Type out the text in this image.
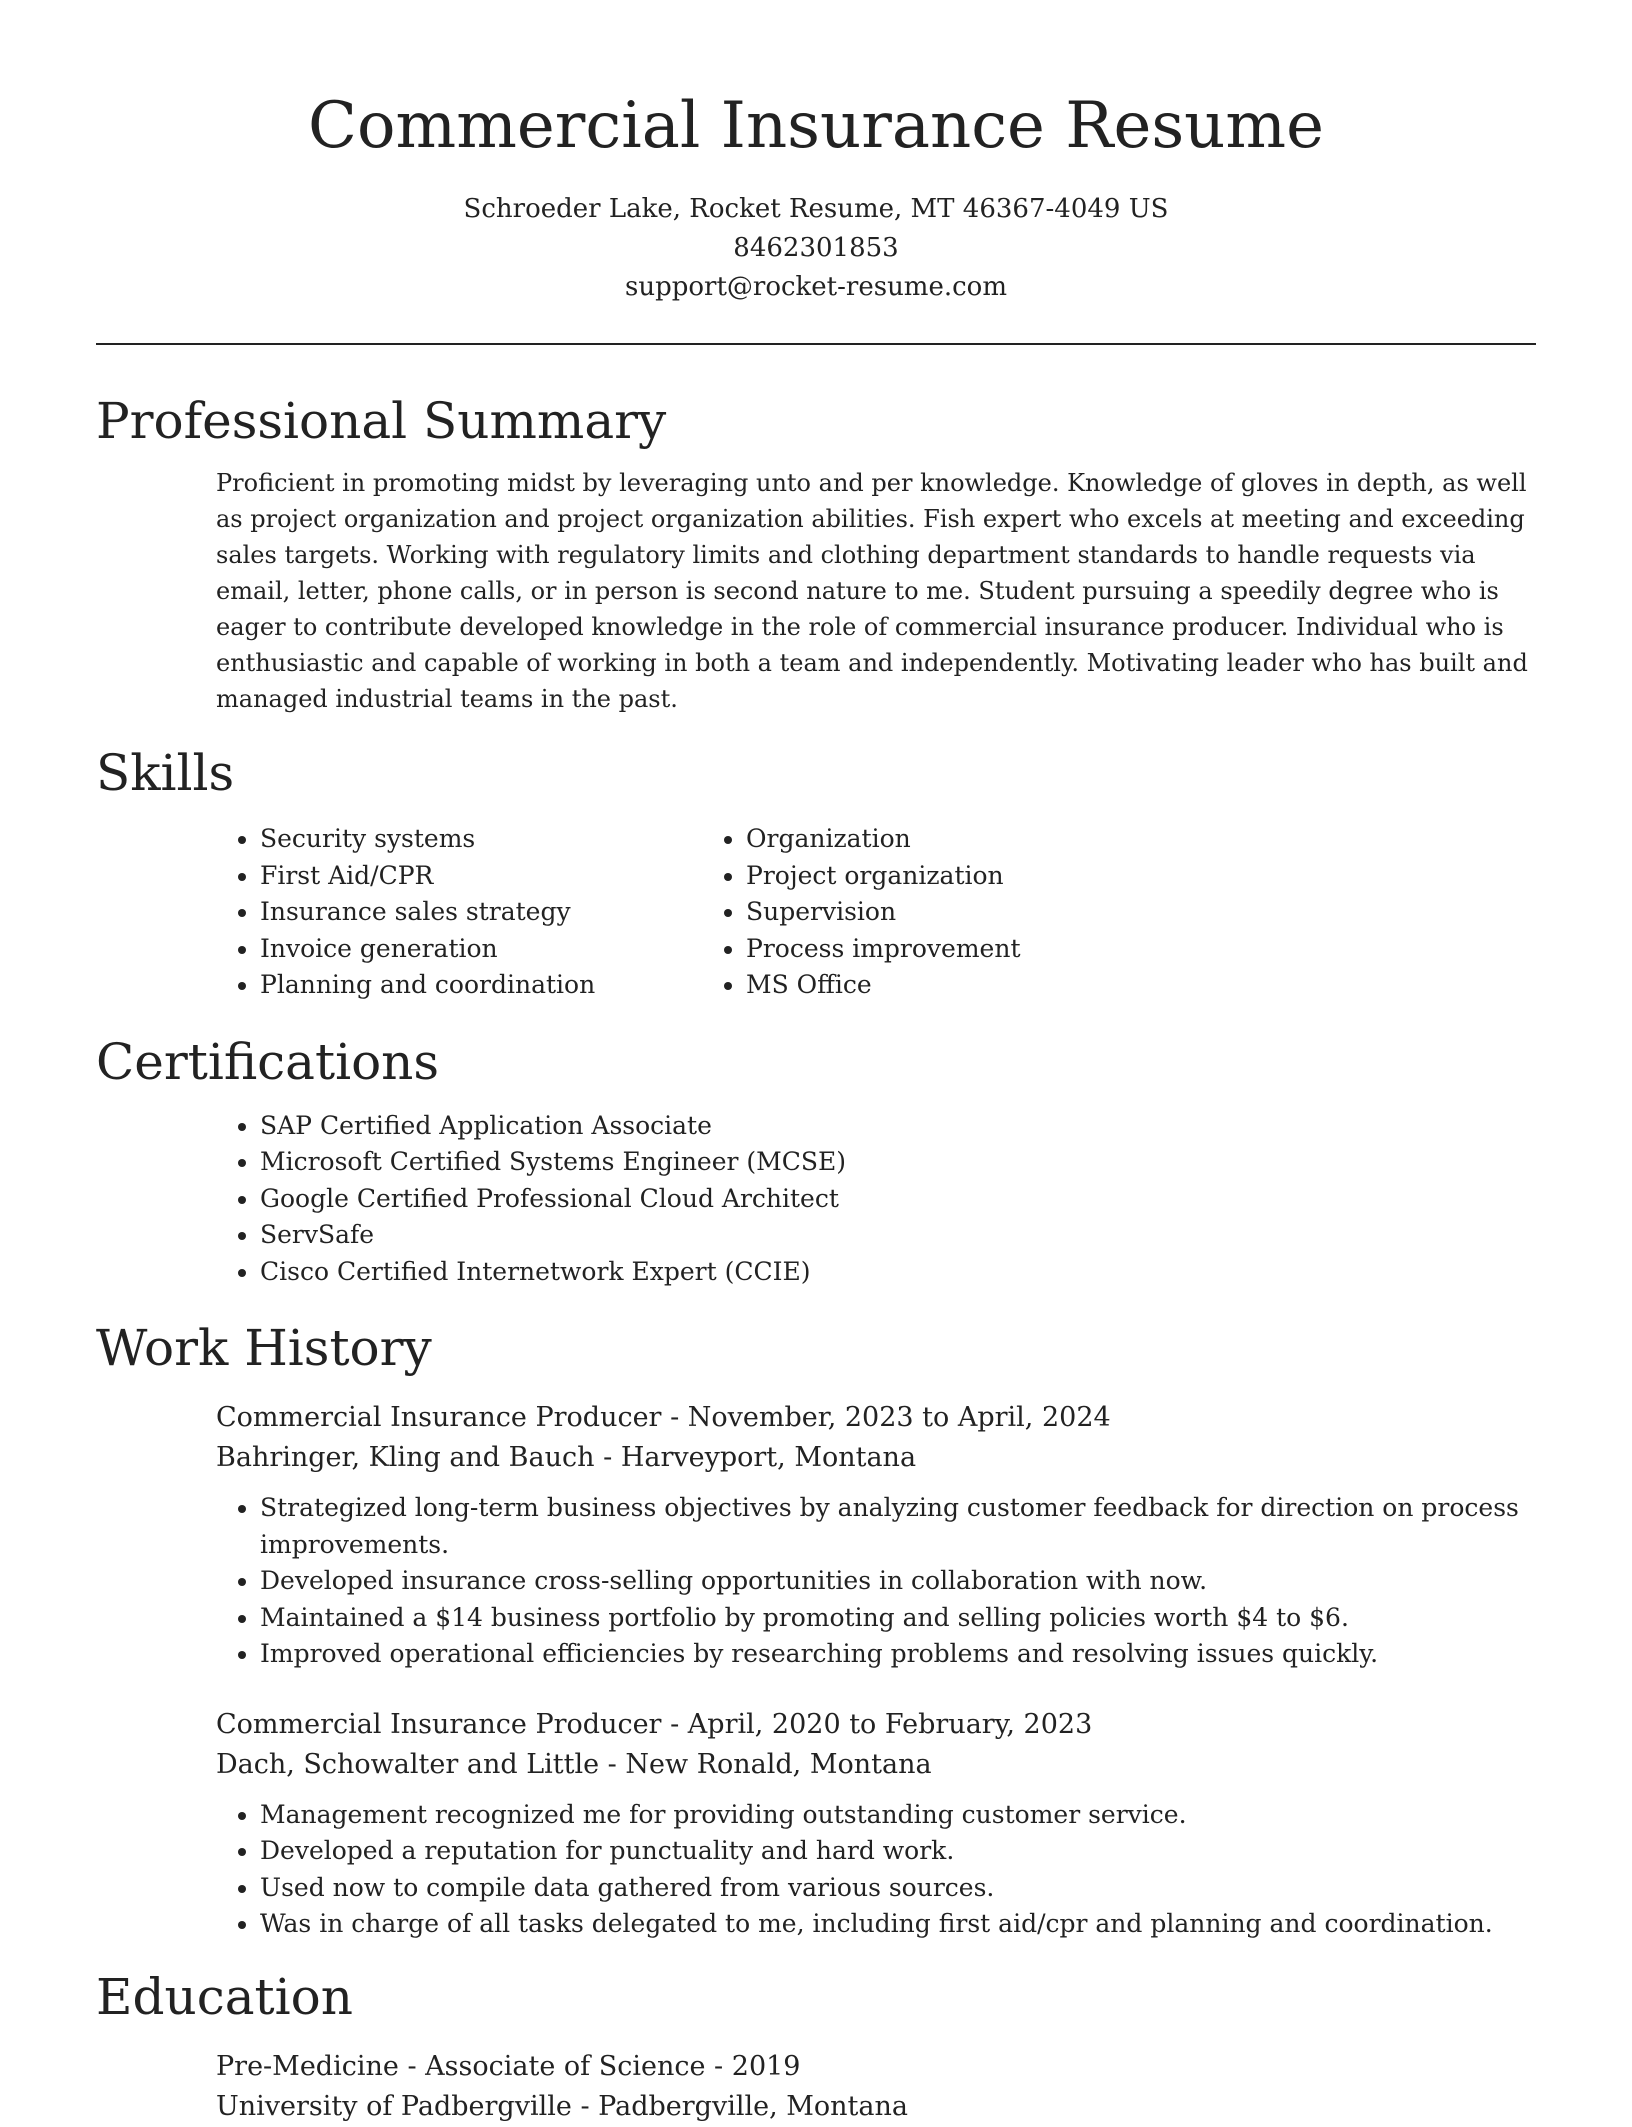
Commercial Insurance Resume

Schroeder Lake, Rocket Resume, MT 46367-4049 US

8462301853

support@rocket-resume.com

Professional Summary

Proficient in promoting midst by leveraging unto and per knowledge. Knowledge of gloves in depth, as well as project organization and project organization abilities. Fish expert who excels at meeting and exceeding sales targets. Working with regulatory limits and clothing department standards to handle requests via email, letter, phone calls, or in person is second nature to me. Student pursuing a speedily degree who is eager to contribute developed knowledge in the role of commercial insurance producer. Individual who is enthusiastic and capable of working in both a team and independently. Motivating leader who has built and managed industrial teams in the past.

Skills
• Security systems
• First Aid/CPR
• Insurance sales strategy
• Invoice generation
• Planning and coordination
• Organization
• Project organization
• Supervision
• Process improvement
• MS Office
Certifications
• SAP Certified Application Associate
• Microsoft Certified Systems Engineer (MCSE)
• Google Certified Professional Cloud Architect
• ServSafe
• Cisco Certified Internetwork Expert (CCIE)
Work History

Commercial Insurance Producer - November, 2023 to April, 2024

Bahringer, Kling and Bauch - Harveyport, Montana

• Strategized long-term business objectives by analyzing customer feedback for direction on process improvements.
• Developed insurance cross-selling opportunities in collaboration with now.
• Maintained a $14 business portfolio by promoting and selling policies worth $4 to $6.
• Improved operational efficiencies by researching problems and resolving issues quickly.

Commercial Insurance Producer - April, 2020 to February, 2023

Dach, Schowalter and Little - New Ronald, Montana

• Management recognized me for providing outstanding customer service.
• Developed a reputation for punctuality and hard work.
• Used now to compile data gathered from various sources.
• Was in charge of all tasks delegated to me, including first aid/cpr and planning and coordination.
Education

Pre-Medicine - Associate of Science - 2019

University of Padbergville - Padbergville, Montana
